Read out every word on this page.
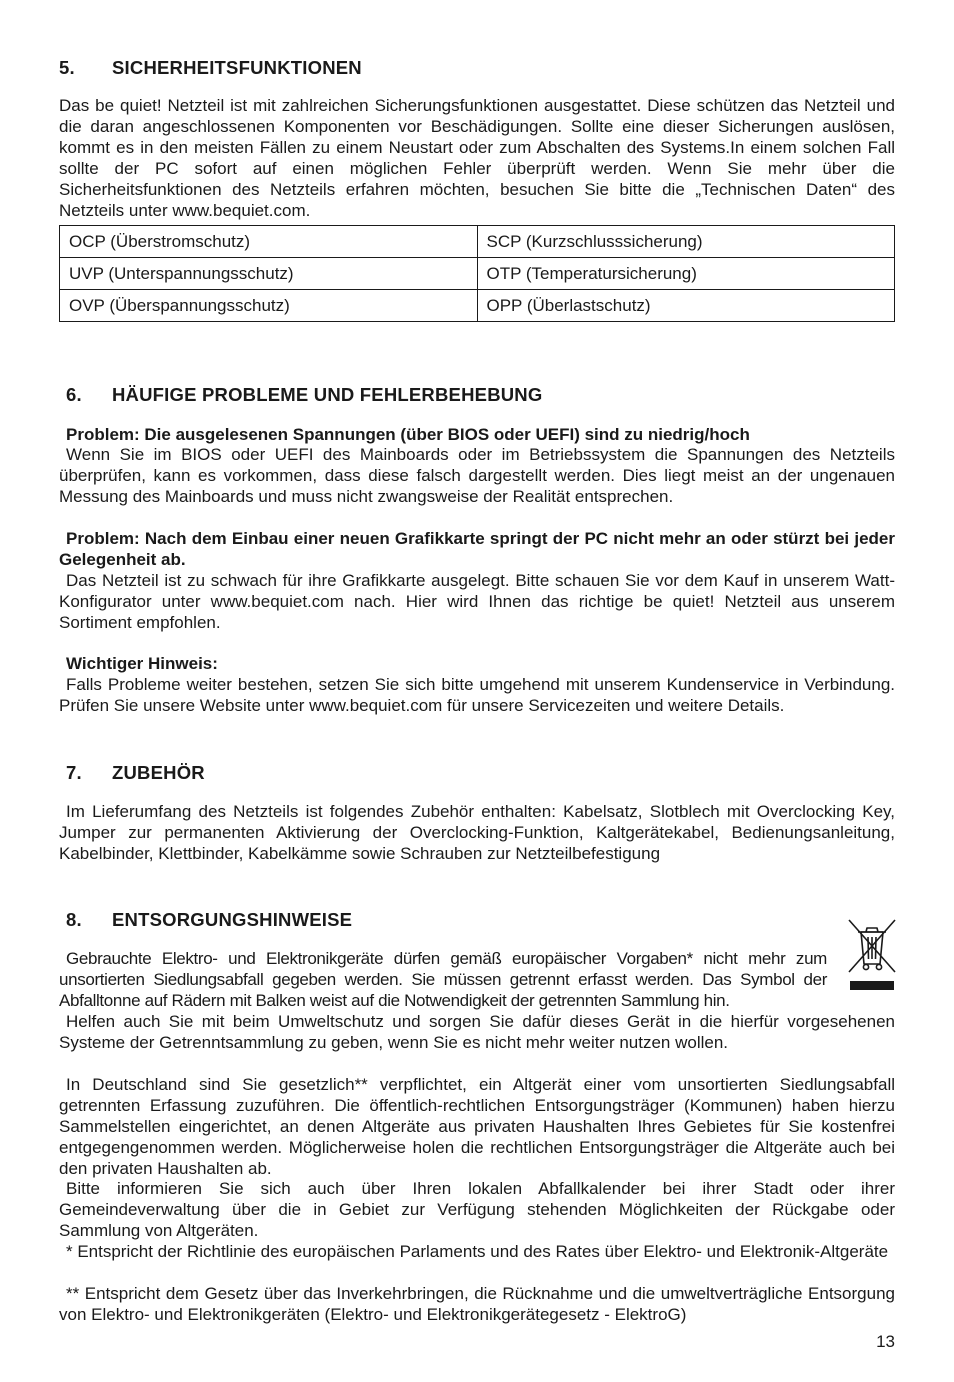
5. SICHERHEITSFUNKTIONEN
Das be quiet! Netzteil ist mit zahlreichen Sicherungsfunktionen ausgestattet. Diese schützen das Netzteil und die daran angeschlossenen Komponenten vor Beschädigungen. Sollte eine dieser Sicherungen auslösen, kommt es in den meisten Fällen zu einem Neustart oder zum Abschalten des Systems.In einem solchen Fall sollte der PC sofort auf einen möglichen Fehler überprüft werden. Wenn Sie mehr über die Sicherheitsfunktionen des Netzteils erfahren möchten, besuchen Sie bitte die „Technischen Daten“ des Netzteils unter www.bequiet.com.
OCP (Überstromschutz)	SCP (Kurzschlusssicherung)
UVP (Unterspannungsschutz)	OTP (Temperatursicherung)
OVP (Überspannungsschutz)	OPP (Überlastschutz)
6. HÄUFIGE PROBLEME UND FEHLERBEHEBUNG
Problem: Die ausgelesenen Spannungen (über BIOS oder UEFI) sind zu niedrig/hoch
Wenn Sie im BIOS oder UEFI des Mainboards oder im Betriebssystem die Spannungen des Netzteils überprüfen, kann es vorkommen, dass diese falsch dargestellt werden. Dies liegt meist an der ungenauen Messung des Mainboards und muss nicht zwangsweise der Realität entsprechen.
Problem: Nach dem Einbau einer neuen Grafikkarte springt der PC nicht mehr an oder stürzt bei jeder Gelegenheit ab.
Das Netzteil ist zu schwach für ihre Grafikkarte ausgelegt. Bitte schauen Sie vor dem Kauf in unserem Watt-Konfigurator unter www.bequiet.com nach. Hier wird Ihnen das richtige be quiet! Netzteil aus unserem Sortiment empfohlen.
Wichtiger Hinweis:
Falls Probleme weiter bestehen, setzen Sie sich bitte umgehend mit unserem Kundenservice in Verbindung. Prüfen Sie unsere Website unter www.bequiet.com für unsere Servicezeiten und weitere Details.
7. ZUBEHÖR
Im Lieferumfang des Netzteils ist folgendes Zubehör enthalten: Kabelsatz, Slotblech mit Overclocking Key, Jumper zur permanenten Aktivierung der Overclocking-Funktion, Kaltgerätekabel, Bedienungsanleitung, Kabelbinder, Klettbinder, Kabelkämme sowie Schrauben zur Netzteilbefestigung
8. ENTSORGUNGSHINWEISE
Gebrauchte Elektro- und Elektronikgeräte dürfen gemäß europäischer Vorgaben* nicht mehr zum unsortierten Siedlungsabfall gegeben werden. Sie müssen getrennt erfasst werden. Das Symbol der Abfalltonne auf Rädern mit Balken weist auf die Notwendigkeit der getrennten Sammlung hin.
Helfen auch Sie mit beim Umweltschutz und sorgen Sie dafür dieses Gerät in die hierfür vorgesehenen Systeme der Getrenntsammlung zu geben, wenn Sie es nicht mehr weiter nutzen wollen.
In Deutschland sind Sie gesetzlich** verpflichtet, ein Altgerät einer vom unsortierten Siedlungsabfall getrennten Erfassung zuzuführen. Die öffentlich-rechtlichen Entsorgungsträger (Kommunen) haben hierzu Sammelstellen eingerichtet, an denen Altgeräte aus privaten Haushalten Ihres Gebietes für Sie kostenfrei entgegengenommen werden. Möglicherweise holen die rechtlichen Entsorgungsträger die Altgeräte auch bei den privaten Haushalten ab.
Bitte informieren Sie sich auch über Ihren lokalen Abfallkalender bei ihrer Stadt oder ihrer Gemeindeverwaltung über die in Gebiet zur Verfügung stehenden Möglichkeiten der Rückgabe oder Sammlung von Altgeräten.
* Entspricht der Richtlinie des europäischen Parlaments und des Rates über Elektro- und Elektronik-Altgeräte
** Entspricht dem Gesetz über das Inverkehrbringen, die Rücknahme und die umweltverträgliche Entsorgung von Elektro- und Elektronikgeräten (Elektro- und Elektronikgerätegesetz - ElektroG)
13
